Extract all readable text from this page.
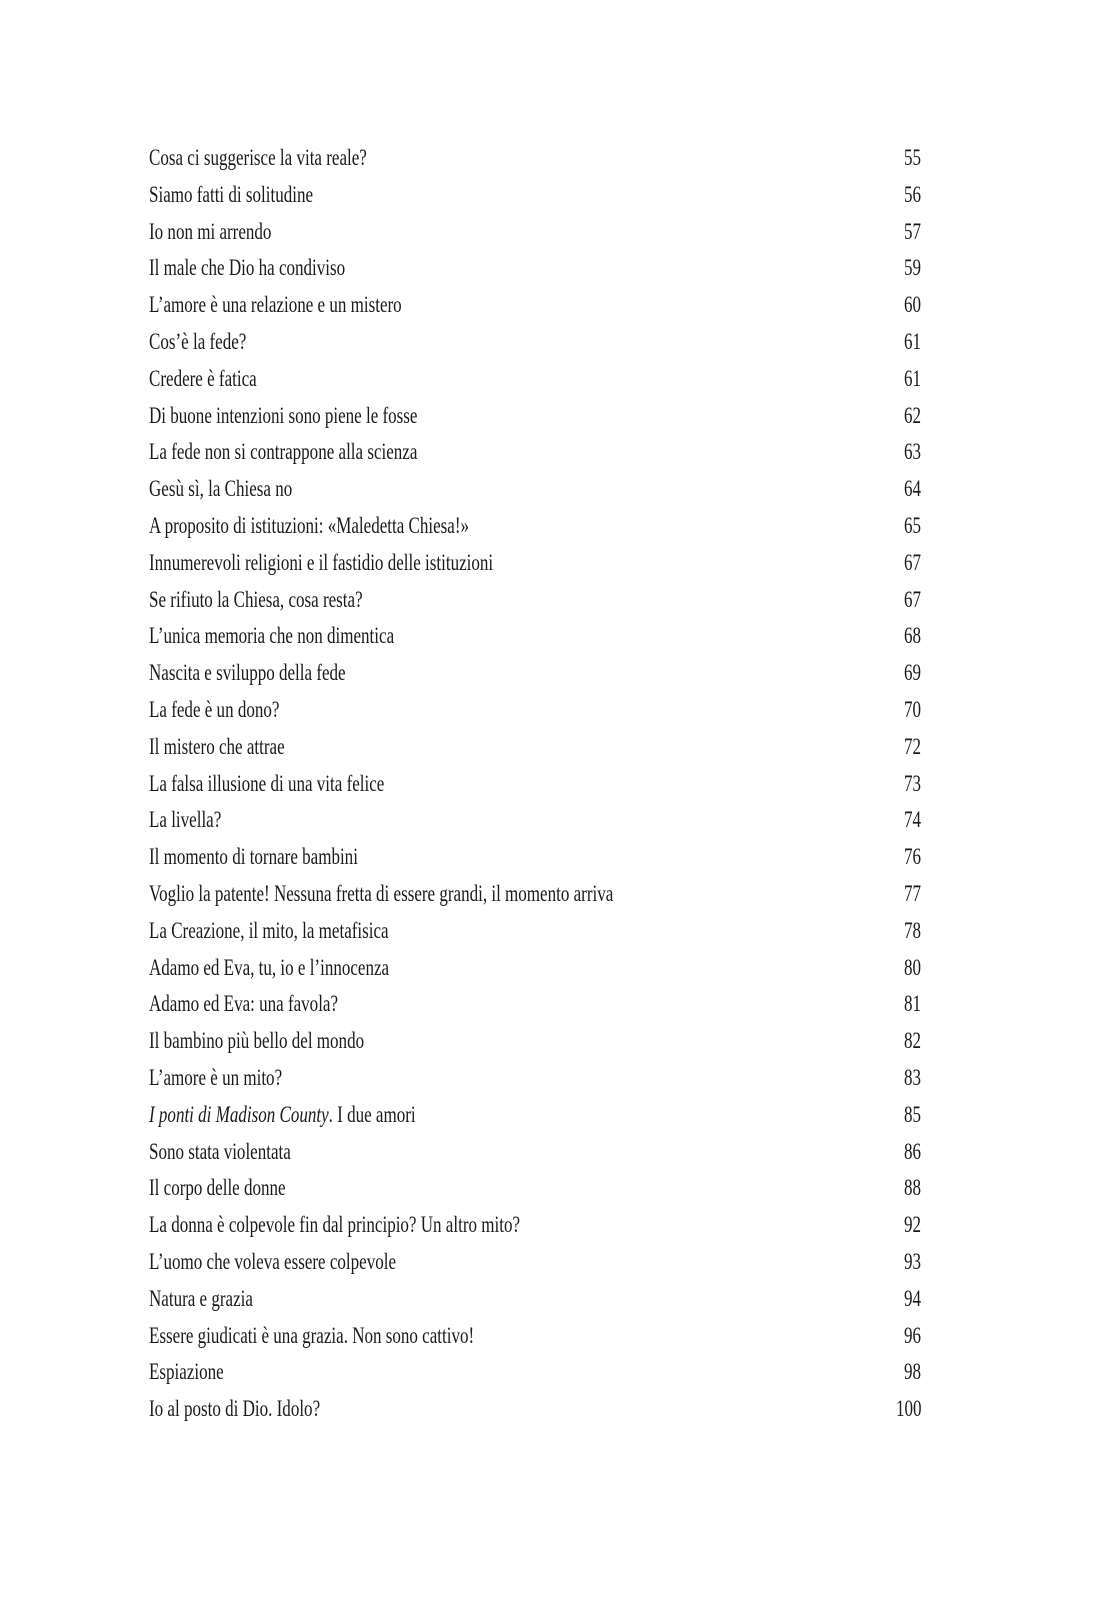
Cosa ci suggerisce la vita reale?	55
Siamo fatti di solitudine	56
Io non mi arrendo	57
Il male che Dio ha condiviso	59
L’amore è una relazione e un mistero	60
Cos’è la fede?	61
Credere è fatica	61
Di buone intenzioni sono piene le fosse	62
La fede non si contrappone alla scienza	63
Gesù sì, la Chiesa no	64
A proposito di istituzioni: «Maledetta Chiesa!»	65
Innumerevoli religioni e il fastidio delle istituzioni	67
Se rifiuto la Chiesa, cosa resta?	67
L’unica memoria che non dimentica	68
Nascita e sviluppo della fede	69
La fede è un dono?	70
Il mistero che attrae	72
La falsa illusione di una vita felice	73
La livella?	74
Il momento di tornare bambini	76
Voglio la patente! Nessuna fretta di essere grandi, il momento arriva	77
La Creazione, il mito, la metafisica	78
Adamo ed Eva, tu, io e l’innocenza	80
Adamo ed Eva: una favola?	81
Il bambino più bello del mondo	82
L’amore è un mito?	83
I ponti di Madison County. I due amori	85
Sono stata violentata	86
Il corpo delle donne	88
La donna è colpevole fin dal principio? Un altro mito?	92
L’uomo che voleva essere colpevole	93
Natura e grazia	94
Essere giudicati è una grazia. Non sono cattivo!	96
Espiazione	98
Io al posto di Dio. Idolo?	100
